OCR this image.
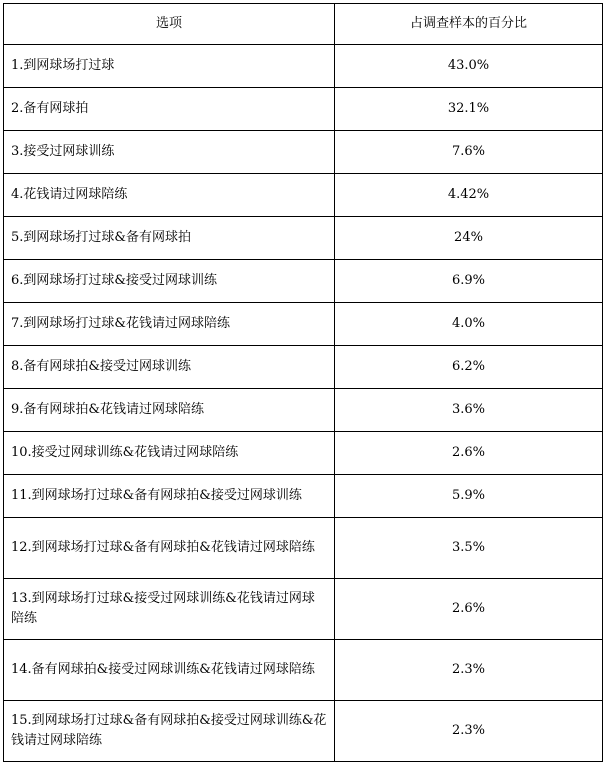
选项	占调查样本的百分比
1.到网球场打过球	43.0%
2.备有网球拍	32.1%
3.接受过网球训练	7.6%
4.花钱请过网球陪练	4.42%
5.到网球场打过球&备有网球拍	24%
6.到网球场打过球&接受过网球训练	6.9%
7.到网球场打过球&花钱请过网球陪练	4.0%
8.备有网球拍&接受过网球训练	6.2%
9.备有网球拍&花钱请过网球陪练	3.6%
10.接受过网球训练&花钱请过网球陪练	2.6%
11.到网球场打过球&备有网球拍&接受过网球训练	5.9%
12.到网球场打过球&备有网球拍&花钱请过网球陪练	3.5%
13.到网球场打过球&接受过网球训练&花钱请过网球陪练	2.6%
14.备有网球拍&接受过网球训练&花钱请过网球陪练	2.3%
15.到网球场打过球&备有网球拍&接受过网球训练&花钱请过网球陪练	2.3%
